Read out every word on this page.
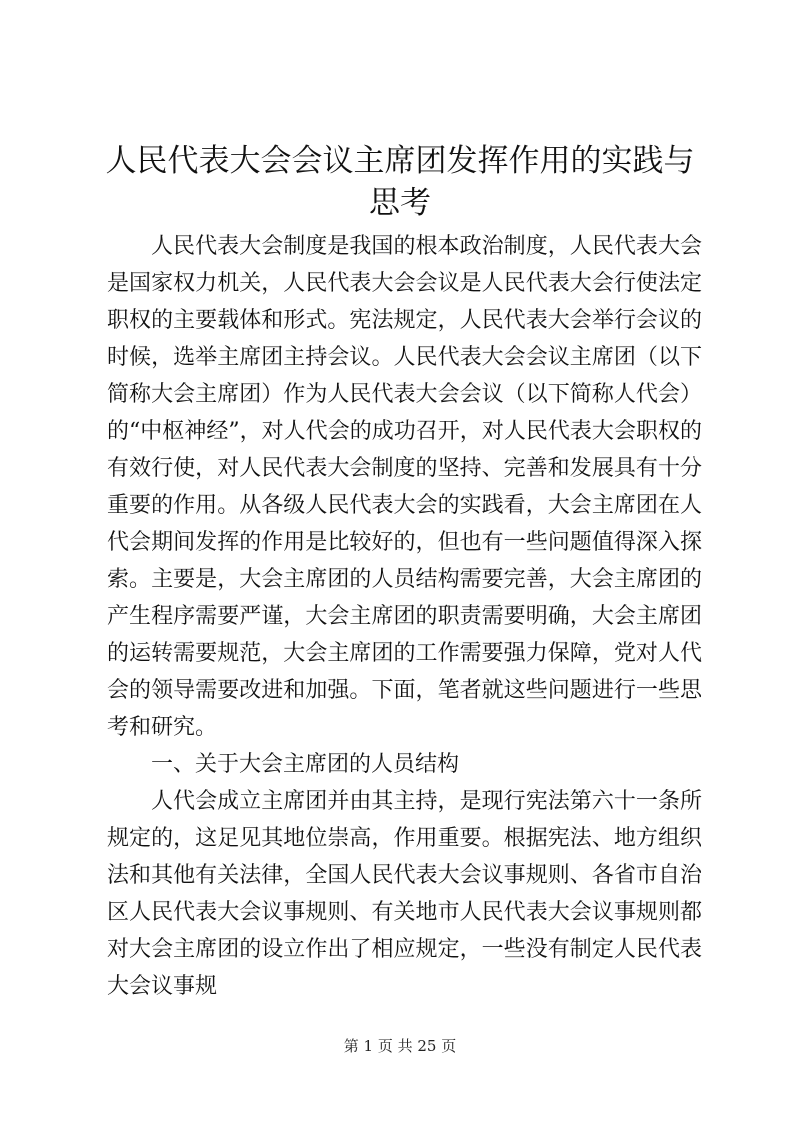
人民代表大会会议主席团发挥作用的实践与思考

人民代表大会制度是我国的根本政治制度，人民代表大会是国家权力机关，人民代表大会会议是人民代表大会行使法定职权的主要载体和形式。宪法规定，人民代表大会举行会议的时候，选举主席团主持会议。人民代表大会会议主席团（以下简称大会主席团）作为人民代表大会会议（以下简称人代会）的“中枢神经”，对人代会的成功召开，对人民代表大会职权的有效行使，对人民代表大会制度的坚持、完善和发展具有十分重要的作用。从各级人民代表大会的实践看，大会主席团在人代会期间发挥的作用是比较好的，但也有一些问题值得深入探索。主要是，大会主席团的人员结构需要完善，大会主席团的产生程序需要严谨，大会主席团的职责需要明确，大会主席团的运转需要规范，大会主席团的工作需要强力保障，党对人代会的领导需要改进和加强。下面，笔者就这些问题进行一些思考和研究。

一、关于大会主席团的人员结构

人代会成立主席团并由其主持，是现行宪法第六十一条所规定的，这足见其地位崇高，作用重要。根据宪法、地方组织法和其他有关法律，全国人民代表大会议事规则、各省市自治区人民代表大会议事规则、有关地市人民代表大会议事规则都对大会主席团的设立作出了相应规定，一些没有制定人民代表大会议事规

第 1 页 共 25 页
